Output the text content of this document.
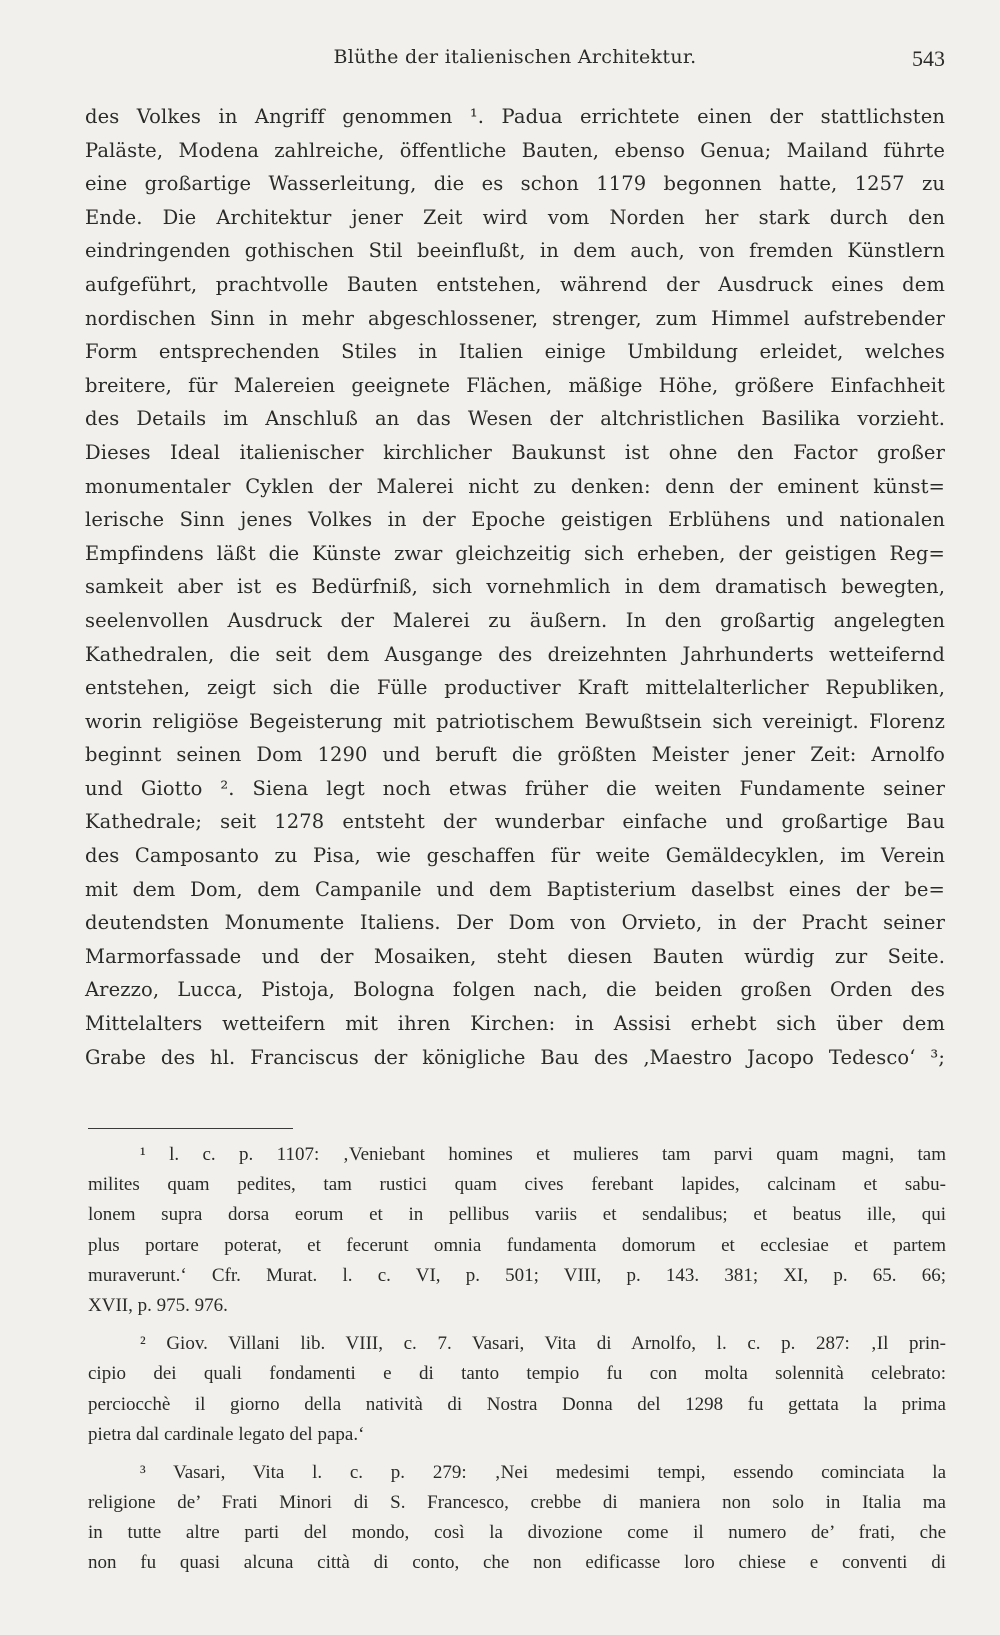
Blüthe der italienischen Architektur.	543
des Volkes in Angriff genommen ¹. Padua errichtete einen der stattlichsten
Paläste, Modena zahlreiche, öffentliche Bauten, ebenso Genua; Mailand führte
eine großartige Wasserleitung, die es schon 1179 begonnen hatte, 1257 zu
Ende. Die Architektur jener Zeit wird vom Norden her stark durch den
eindringenden gothischen Stil beeinflußt, in dem auch, von fremden Künstlern
aufgeführt, prachtvolle Bauten entstehen, während der Ausdruck eines dem
nordischen Sinn in mehr abgeschlossener, strenger, zum Himmel aufstrebender
Form entsprechenden Stiles in Italien einige Umbildung erleidet, welches
breitere, für Malereien geeignete Flächen, mäßige Höhe, größere Einfachheit
des Details im Anschluß an das Wesen der altchristlichen Basilika vorzieht.
Dieses Ideal italienischer kirchlicher Baukunst ist ohne den Factor großer
monumentaler Cyklen der Malerei nicht zu denken: denn der eminent künst=
lerische Sinn jenes Volkes in der Epoche geistigen Erblühens und nationalen
Empfindens läßt die Künste zwar gleichzeitig sich erheben, der geistigen Reg=
samkeit aber ist es Bedürfniß, sich vornehmlich in dem dramatisch bewegten,
seelenvollen Ausdruck der Malerei zu äußern. In den großartig angelegten
Kathedralen, die seit dem Ausgange des dreizehnten Jahrhunderts wetteifernd
entstehen, zeigt sich die Fülle productiver Kraft mittelalterlicher Republiken,
worin religiöse Begeisterung mit patriotischem Bewußtsein sich vereinigt. Florenz
beginnt seinen Dom 1290 und beruft die größten Meister jener Zeit: Arnolfo
und Giotto ². Siena legt noch etwas früher die weiten Fundamente seiner
Kathedrale; seit 1278 entsteht der wunderbar einfache und großartige Bau
des Camposanto zu Pisa, wie geschaffen für weite Gemäldecyklen, im Verein
mit dem Dom, dem Campanile und dem Baptisterium daselbst eines der be=
deutendsten Monumente Italiens. Der Dom von Orvieto, in der Pracht seiner
Marmorfassade und der Mosaiken, steht diesen Bauten würdig zur Seite.
Arezzo, Lucca, Pistoja, Bologna folgen nach, die beiden großen Orden des
Mittelalters wetteifern mit ihren Kirchen: in Assisi erhebt sich über dem
Grabe des hl. Franciscus der königliche Bau des ‚Maestro Jacopo Tedesco‘ ³;
¹ l. c. p. 1107: ‚Veniebant homines et mulieres tam parvi quam magni, tam
milites quam pedites, tam rustici quam cives ferebant lapides, calcinam et sabu-
lonem supra dorsa eorum et in pellibus variis et sendalibus; et beatus ille, qui
plus portare poterat, et fecerunt omnia fundamenta domorum et ecclesiae et partem
muraverunt.‘ Cfr. Murat. l. c. VI, p. 501; VIII, p. 143. 381; XI, p. 65. 66;
XVII, p. 975. 976.
² Giov. Villani lib. VIII, c. 7. Vasari, Vita di Arnolfo, l. c. p. 287: ‚Il prin-
cipio dei quali fondamenti e di tanto tempio fu con molta solennità celebrato:
perciocchè il giorno della natività di Nostra Donna del 1298 fu gettata la prima
pietra dal cardinale legato del papa.‘
³ Vasari, Vita l. c. p. 279: ‚Nei medesimi tempi, essendo cominciata la
religione de’ Frati Minori di S. Francesco, crebbe di maniera non solo in Italia ma
in tutte altre parti del mondo, così la divozione come il numero de’ frati, che
non fu quasi alcuna città di conto, che non edificasse loro chiese e conventi di
